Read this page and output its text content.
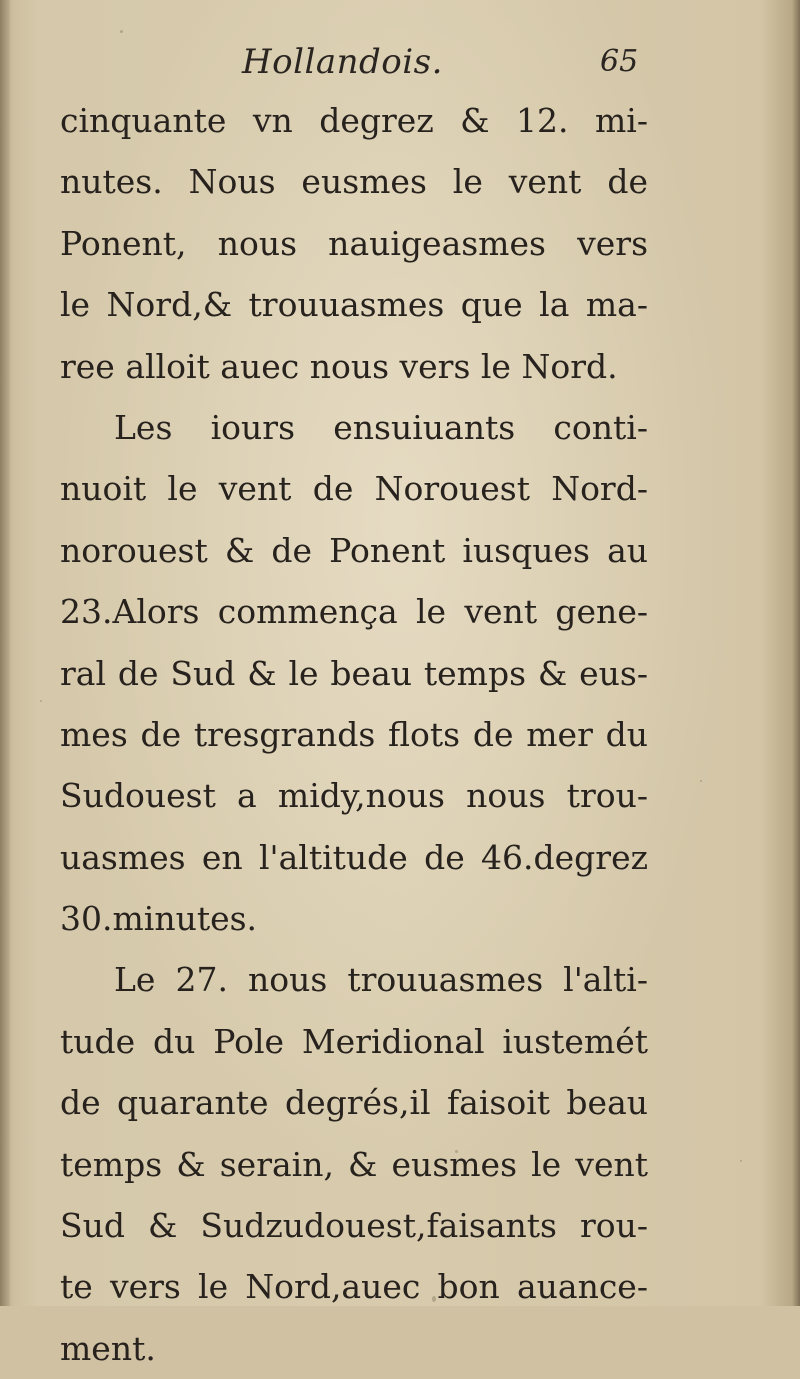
Hollandois.	65
cinquante vn degrez & 12. mi-
nutes. Nous eusmes le vent de
Ponent, nous nauigeasmes vers
le Nord,& trouuasmes que la ma-
ree alloit auec nous vers le Nord.
Les iours ensuiuants conti-
nuoit le vent de Norouest Nord-
norouest & de Ponent iusques au
23.Alors commença le vent gene-
ral de Sud & le beau temps & eus-
mes de tresgrands flots de mer du
Sudouest a midy,nous nous trou-
uasmes en l'altitude de 46.degrez
30.minutes.
Le 27. nous trouuasmes l'alti-
tude du Pole Meridional iustemét
de quarante degrés,il faisoit beau
temps & serain, & eusmes le vent
Sud & Sudzudouest,faisants rou-
te vers le Nord,auec bon auance-
ment.
